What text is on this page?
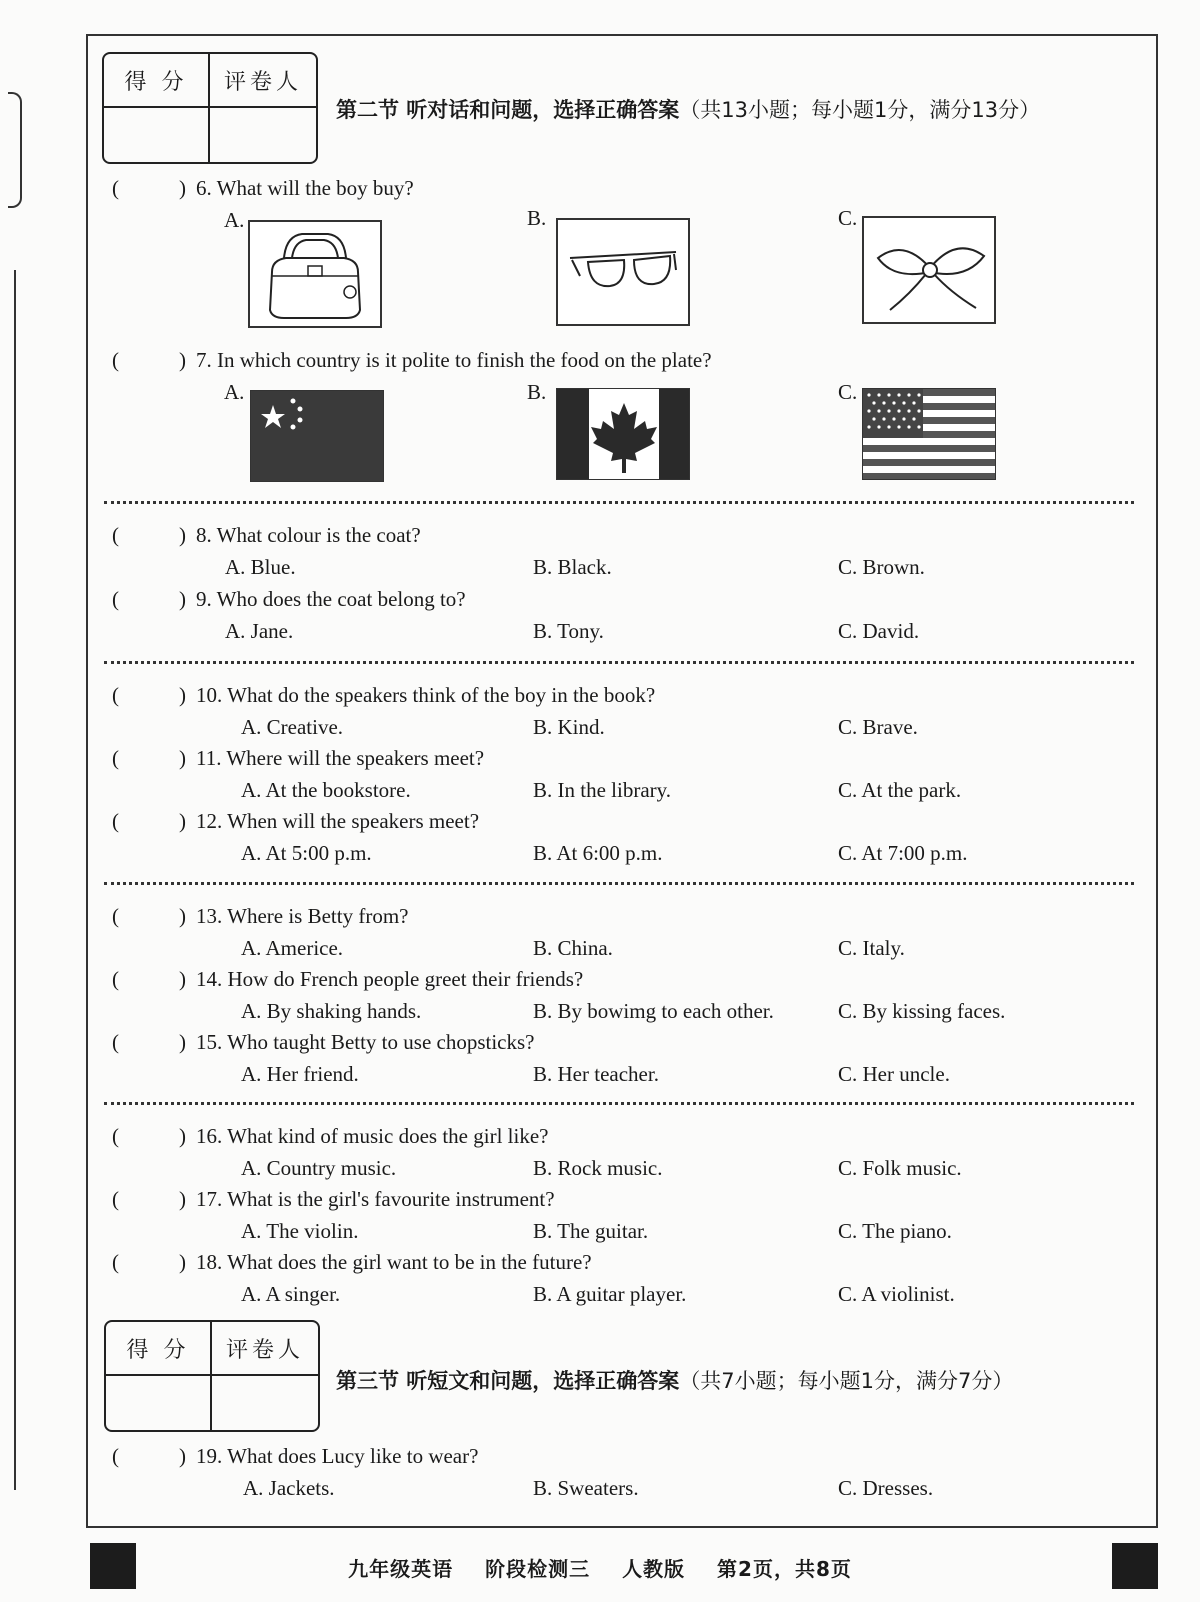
得 分	评卷人
第二节 听对话和问题，选择正确答案（共13小题；每小题1分，满分13分）
(	) 6. What will the boy buy?
A.	B.	C.
(	) 7. In which country is it polite to finish the food on the plate?
A.	B.	C.
(	) 8. What colour is the coat?
A. Blue.	B. Black.	C. Brown.
(	) 9. Who does the coat belong to?
A. Jane.	B. Tony.	C. David.
(	) 10. What do the speakers think of the boy in the book?
A. Creative.	B. Kind.	C. Brave.
(	) 11. Where will the speakers meet?
A. At the bookstore.	B. In the library.	C. At the park.
(	) 12. When will the speakers meet?
A. At 5:00 p.m.	B. At 6:00 p.m.	C. At 7:00 p.m.
(	) 13. Where is Betty from?
A. Americe.	B. China.	C. Italy.
(	) 14. How do French people greet their friends?
A. By shaking hands.	B. By bowimg to each other.	C. By kissing faces.
(	) 15. Who taught Betty to use chopsticks?
A. Her friend.	B. Her teacher.	C. Her uncle.
(	) 16. What kind of music does the girl like?
A. Country music.	B. Rock music.	C. Folk music.
(	) 17. What is the girl's favourite instrument?
A. The violin.	B. The guitar.	C. The piano.
(	) 18. What does the girl want to be in the future?
A. A singer.	B. A guitar player.	C. A violinist.
得 分	评卷人
第三节 听短文和问题，选择正确答案（共7小题；每小题1分，满分7分）
(	) 19. What does Lucy like to wear?
A. Jackets.	B. Sweaters.	C. Dresses.
九年级英语 阶段检测三 人教版 第2页，共8页
